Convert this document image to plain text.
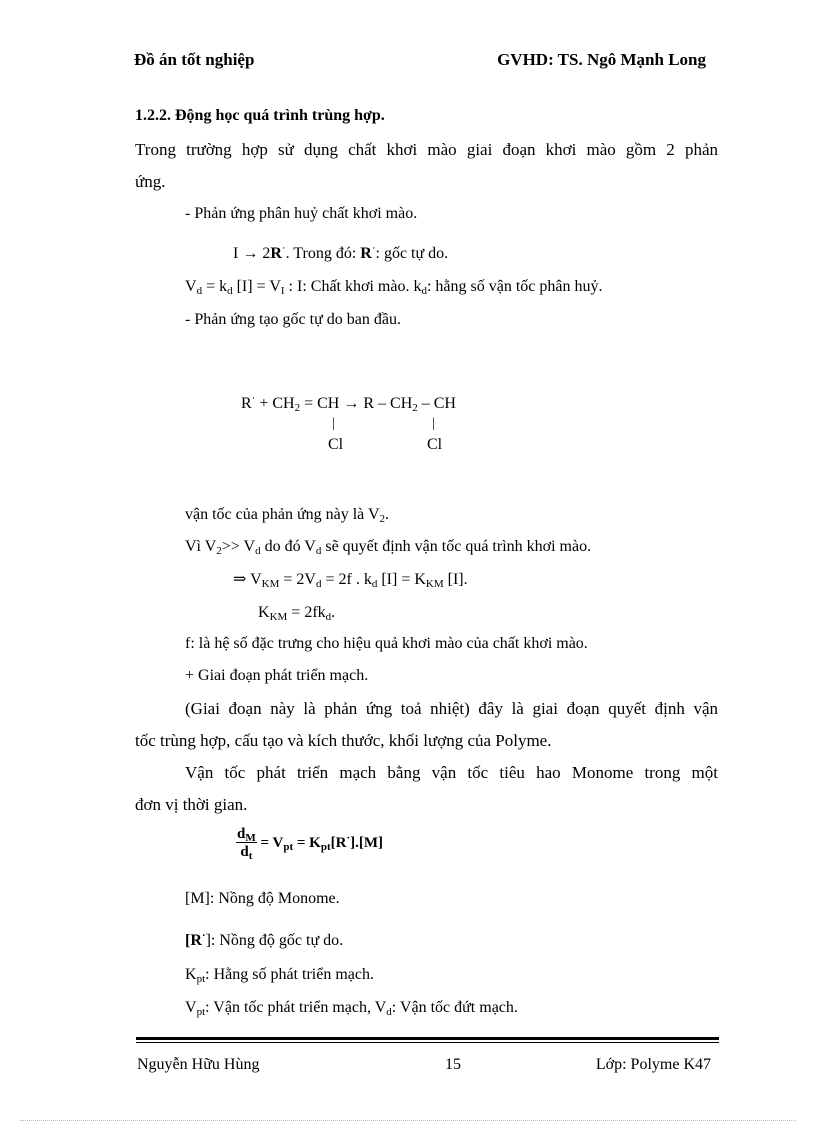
Đồ án tốt nghiệp	GVHD: TS. Ngô Mạnh Long
1.2.2. Động học quá trình trùng hợp.
Trong trường hợp sử dụng chất khơi mào giai đoạn khơi mào gồm 2 phản
ứng.
- Phản ứng phân huỷ chất khơi mào.
I → 2R·. Trong đó: R·: gốc tự do.
$V_d = k_d$ $[I] = V_I$ : I: Chất khơi mào. $k_d$: hằng số vận tốc phân huỷ.
- Phản ứng tạo gốc tự do ban đầu.
$R^\cdot + CH_2$ = CH → R – $CH_2$ – CH
|	|
Cl	Cl
vận tốc của phản ứng này là $V_2$.
Vì $V_2>> V_d$ do đó $V_d$ sẽ quyết định vận tốc quá trình khơi mào.
⇒ $V_{KM} = 2V_d = 2f$ . $k_d$ $[I] = K_{KM}$ [I].
$K_{KM} = 2fk_d$.
f: là hệ số đặc trưng cho hiệu quả khơi mào của chất khơi mào.
+ Giai đoạn phát triển mạch.
(Giai đoạn này là phản ứng toả nhiệt) đây là giai đoạn quyết định vận
tốc trùng hợp, cấu tạo và kích thước, khối lượng của Polyme.
Vận tốc phát triển mạch bằng vận tốc tiêu hao Monome trong một
đơn vị thời gian.
$\frac{d_M}{d_t} = V_{pt} = K_{pt}[R^\cdot].[M]$
[M]: Nồng độ Monome.
[R·]: Nồng độ gốc tự do.
$K_{pt}$: Hằng số phát triển mạch.
$V_{pt}$: Vận tốc phát triển mạch, $V_d$: Vận tốc đứt mạch.
Nguyễn Hữu Hùng	15	Lớp: Polyme K47
